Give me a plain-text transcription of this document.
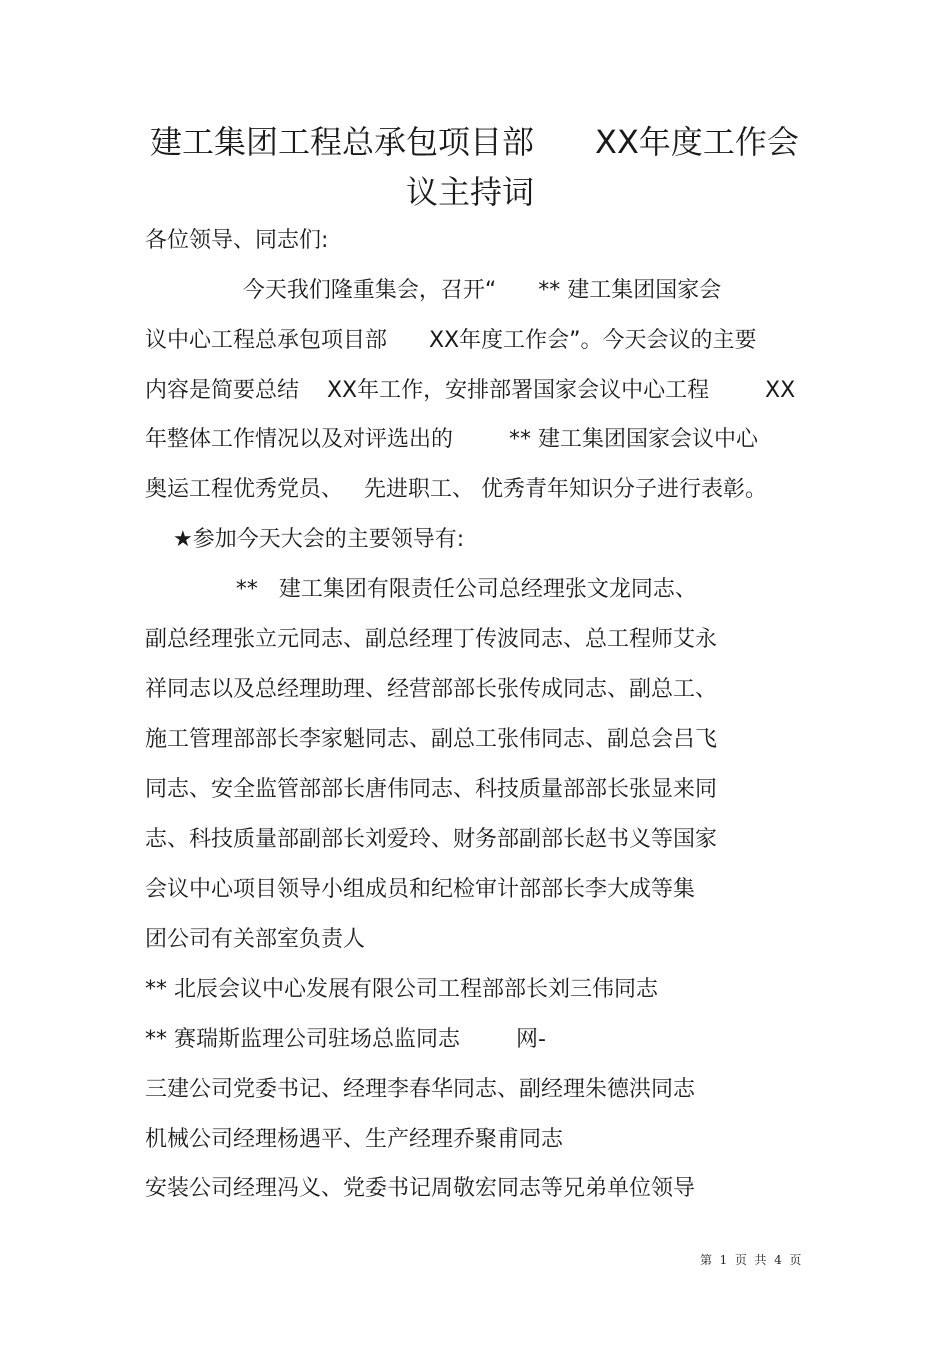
建工集团工程总承包项目部      XX年度工作会
议主持词
各位领导、同志们:
今天我们隆重集会，召开“      ** 建工集团国家会
议中心工程总承包项目部      XX年度工作会”。今天会议的主要
内容是简要总结    XX年工作，安排部署国家会议中心工程        XX
年整体工作情况以及对评选出的        ** 建工集团国家会议中心
奥运工程优秀党员、   先进职工、 优秀青年知识分子进行表彰。
★参加今天大会的主要领导有:
**   建工集团有限责任公司总经理张文龙同志、
副总经理张立元同志、副总经理丁传波同志、总工程师艾永
祥同志以及总经理助理、经营部部长张传成同志、副总工、
施工管理部部长李家魁同志、副总工张伟同志、副总会吕飞
同志、安全监管部部长唐伟同志、科技质量部部长张显来同
志、科技质量部副部长刘爱玲、财务部副部长赵书义等国家
会议中心项目领导小组成员和纪检审计部部长李大成等集
团公司有关部室负责人
** 北辰会议中心发展有限公司工程部部长刘三伟同志
** 赛瑞斯监理公司驻场总监同志        网-
三建公司党委书记、经理李春华同志、副经理朱德洪同志
机械公司经理杨遇平、生产经理乔聚甫同志
安装公司经理冯义、党委书记周敬宏同志等兄弟单位领导
第  1  页  共  4  页
